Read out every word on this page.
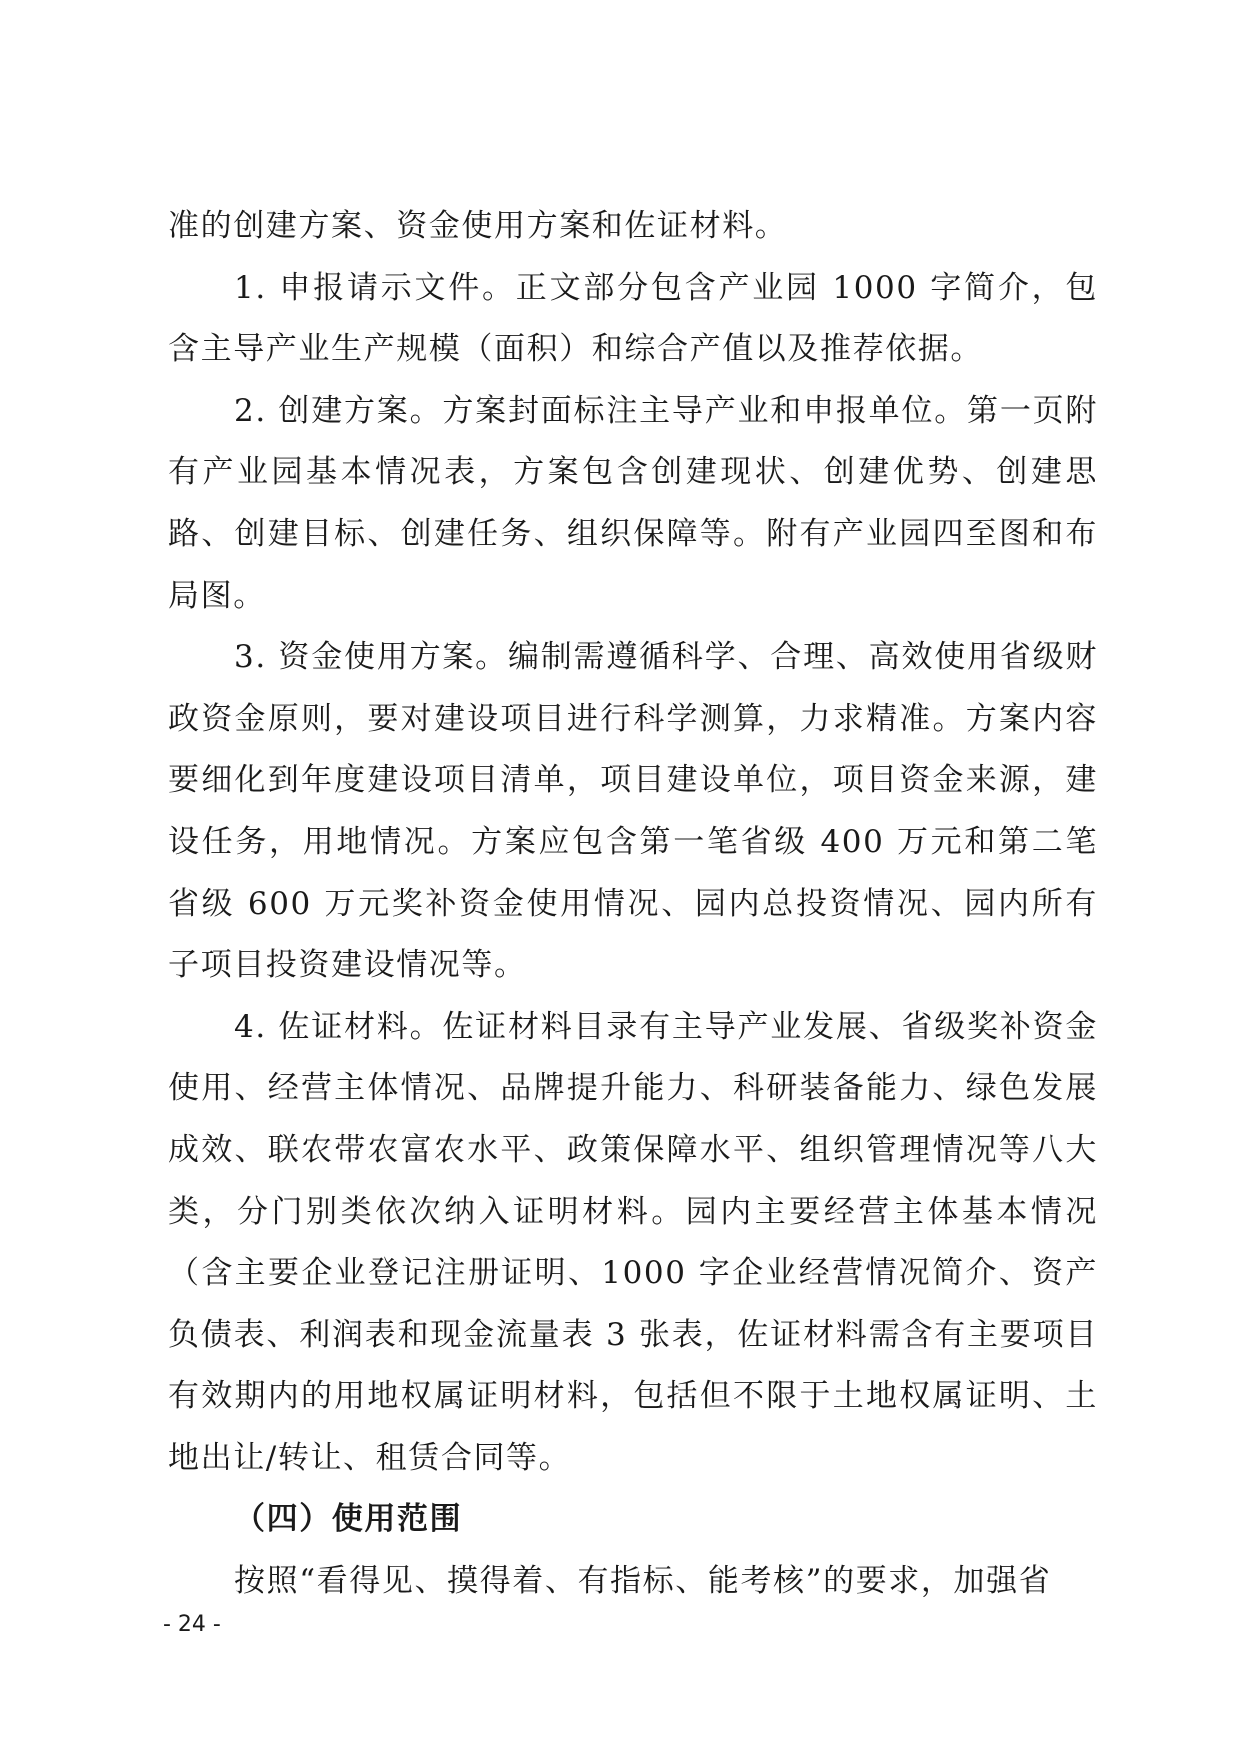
准的创建方案、资金使用方案和佐证材料。

1. 申报请示文件。正文部分包含产业园 1000 字简介，包含主导产业生产规模（面积）和综合产值以及推荐依据。

2. 创建方案。方案封面标注主导产业和申报单位。第一页附有产业园基本情况表，方案包含创建现状、创建优势、创建思路、创建目标、创建任务、组织保障等。附有产业园四至图和布局图。

3. 资金使用方案。编制需遵循科学、合理、高效使用省级财政资金原则，要对建设项目进行科学测算，力求精准。方案内容要细化到年度建设项目清单，项目建设单位，项目资金来源，建设任务，用地情况。方案应包含第一笔省级 400 万元和第二笔省级 600 万元奖补资金使用情况、园内总投资情况、园内所有子项目投资建设情况等。

4. 佐证材料。佐证材料目录有主导产业发展、省级奖补资金使用、经营主体情况、品牌提升能力、科研装备能力、绿色发展成效、联农带农富农水平、政策保障水平、组织管理情况等八大类，分门别类依次纳入证明材料。园内主要经营主体基本情况（含主要企业登记注册证明、1000 字企业经营情况简介、资产负债表、利润表和现金流量表 3 张表，佐证材料需含有主要项目有效期内的用地权属证明材料，包括但不限于土地权属证明、土地出让/转让、租赁合同等。

（四）使用范围

按照“看得见、摸得着、有指标、能考核”的要求，加强省

- 24 -
